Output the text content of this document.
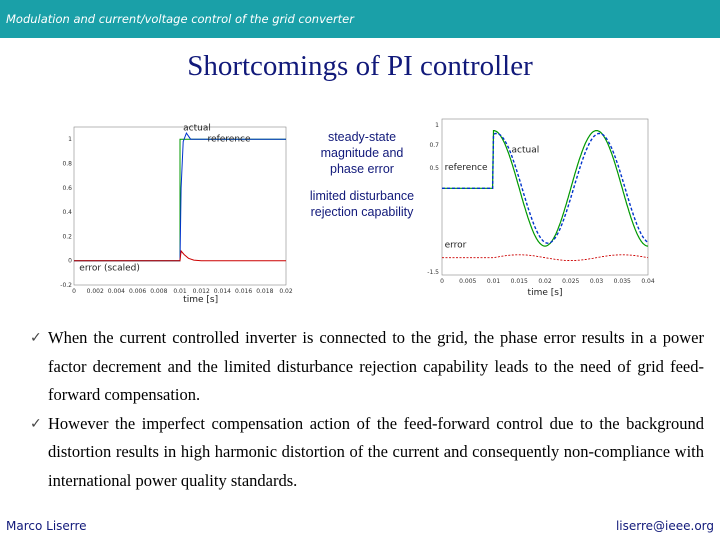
Modulation and current/voltage control of the grid converter
Shortcomings of PI controller
0 0.002 0.004 0.006 0.008 0.01 0.012 0.014 0.016 0.018 0.02
-0.2
0
0.2
0.4
0.6
0.8
1
actual
reference
error (scaled)
time [s]
0	0.005 0.01 0.015 0.02 0.025 0.03 0.035 0.04
-1.5
0.5
0.7
1
actual
reference
error
time [s]
steady-state magnitude and phase error
limited disturbance rejection capability

✓ When the current controlled inverter is connected to the grid, the phase error results in a power factor decrement and the limited disturbance rejection capability leads to the need of grid feed-forward compensation.

✓ However the imperfect compensation action of the feed-forward control due to the background distortion results in high harmonic distortion of the current and consequently non-compliance with international power quality standards.

Marco Liserre	liserre@ieee.org
